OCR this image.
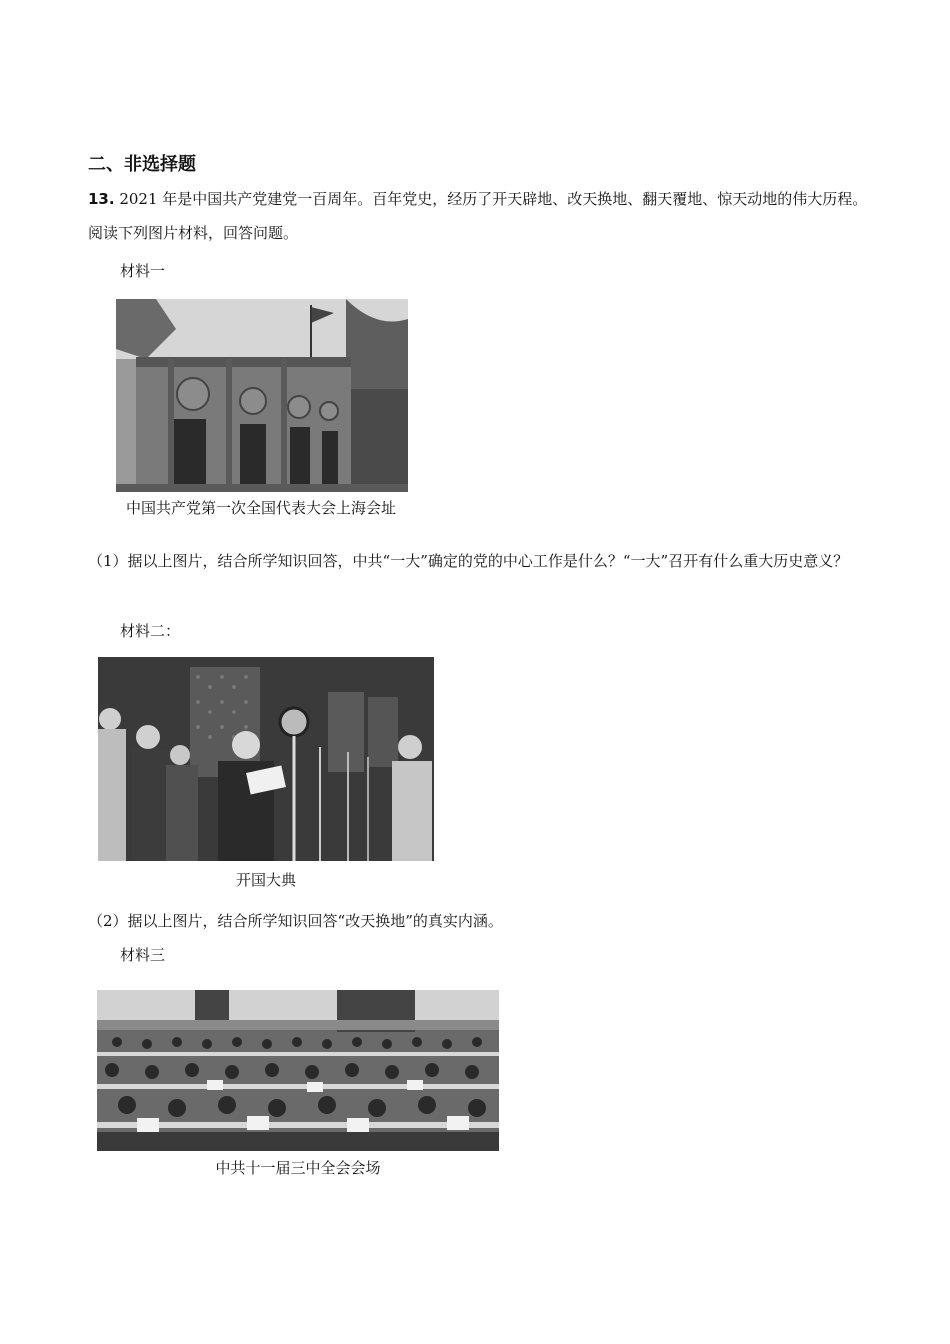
二、非选择题
13. 2021 年是中国共产党建党一百周年。百年党史，经历了开天辟地、改天换地、翻天覆地、惊天动地的伟大历程。阅读下列图片材料，回答问题。
材料一
中国共产党第一次全国代表大会上海会址
（1）据以上图片，结合所学知识回答，中共“一大”确定的党的中心工作是什么？“一大”召开有什么重大历史意义？
材料二：
开国大典
（2）据以上图片，结合所学知识回答“改天换地”的真实内涵。
材料三
中共十一届三中全会会场
